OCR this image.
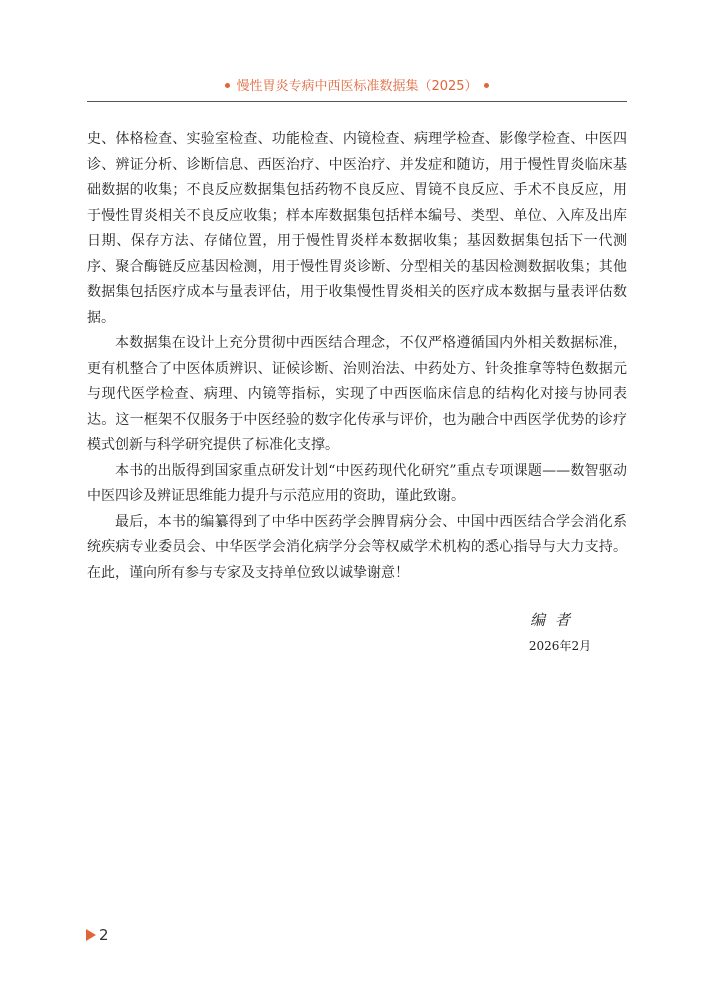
慢性胃炎专病中西医标准数据集（2025）

史、体格检查、实验室检查、功能检查、内镜检查、病理学检查、影像学检查、中医四诊、辨证分析、诊断信息、西医治疗、中医治疗、并发症和随访，用于慢性胃炎临床基础数据的收集；不良反应数据集包括药物不良反应、胃镜不良反应、手术不良反应，用于慢性胃炎相关不良反应收集；样本库数据集包括样本编号、类型、单位、入库及出库日期、保存方法、存储位置，用于慢性胃炎样本数据收集；基因数据集包括下一代测序、聚合酶链反应基因检测，用于慢性胃炎诊断、分型相关的基因检测数据收集；其他数据集包括医疗成本与量表评估，用于收集慢性胃炎相关的医疗成本数据与量表评估数据。

本数据集在设计上充分贯彻中西医结合理念，不仅严格遵循国内外相关数据标准，更有机整合了中医体质辨识、证候诊断、治则治法、中药处方、针灸推拿等特色数据元与现代医学检查、病理、内镜等指标，实现了中西医临床信息的结构化对接与协同表达。这一框架不仅服务于中医经验的数字化传承与评价，也为融合中西医学优势的诊疗模式创新与科学研究提供了标准化支撑。

本书的出版得到国家重点研发计划“中医药现代化研究”重点专项课题——数智驱动中医四诊及辨证思维能力提升与示范应用的资助，谨此致谢。

最后，本书的编纂得到了中华中医药学会脾胃病分会、中国中西医结合学会消化系统疾病专业委员会、中华医学会消化病学分会等权威学术机构的悉心指导与大力支持。在此，谨向所有参与专家及支持单位致以诚挚谢意！

编者
2026年2月
2
